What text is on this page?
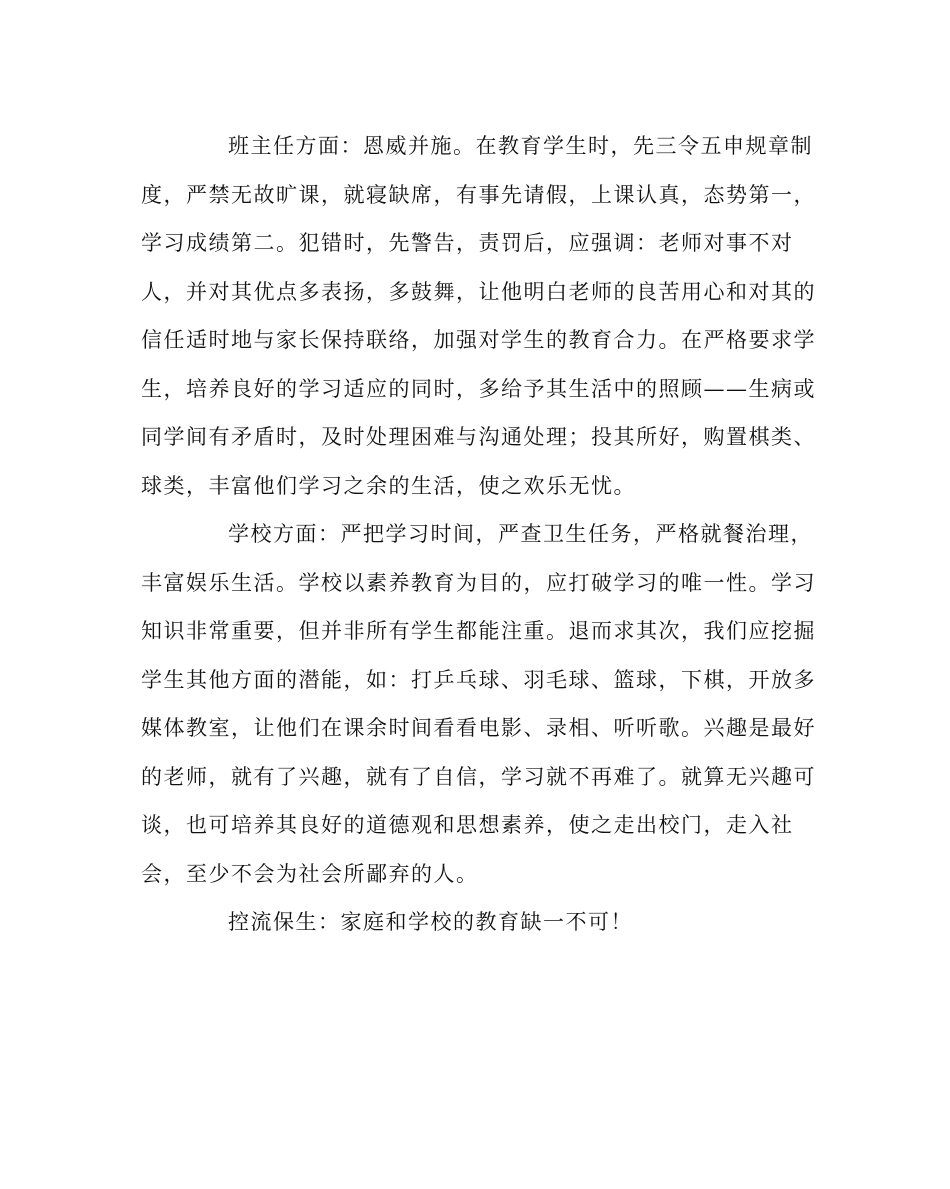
班主任方面：恩威并施。在教育学生时，先三令五申规章制
度，严禁无故旷课，就寝缺席，有事先请假，上课认真，态势第一，
学习成绩第二。犯错时，先警告，责罚后，应强调：老师对事不对
人，并对其优点多表扬，多鼓舞，让他明白老师的良苦用心和对其的
信任适时地与家长保持联络，加强对学生的教育合力。在严格要求学
生，培养良好的学习适应的同时，多给予其生活中的照顾——生病或
同学间有矛盾时，及时处理困难与沟通处理；投其所好，购置棋类、
球类，丰富他们学习之余的生活，使之欢乐无忧。
学校方面：严把学习时间，严查卫生任务，严格就餐治理，
丰富娱乐生活。学校以素养教育为目的，应打破学习的唯一性。学习
知识非常重要，但并非所有学生都能注重。退而求其次，我们应挖掘
学生其他方面的潜能，如：打乒乓球、羽毛球、篮球，下棋，开放多
媒体教室，让他们在课余时间看看电影、录相、听听歌。兴趣是最好
的老师，就有了兴趣，就有了自信，学习就不再难了。就算无兴趣可
谈，也可培养其良好的道德观和思想素养，使之走出校门，走入社
会，至少不会为社会所鄙弃的人。
控流保生：家庭和学校的教育缺一不可！
